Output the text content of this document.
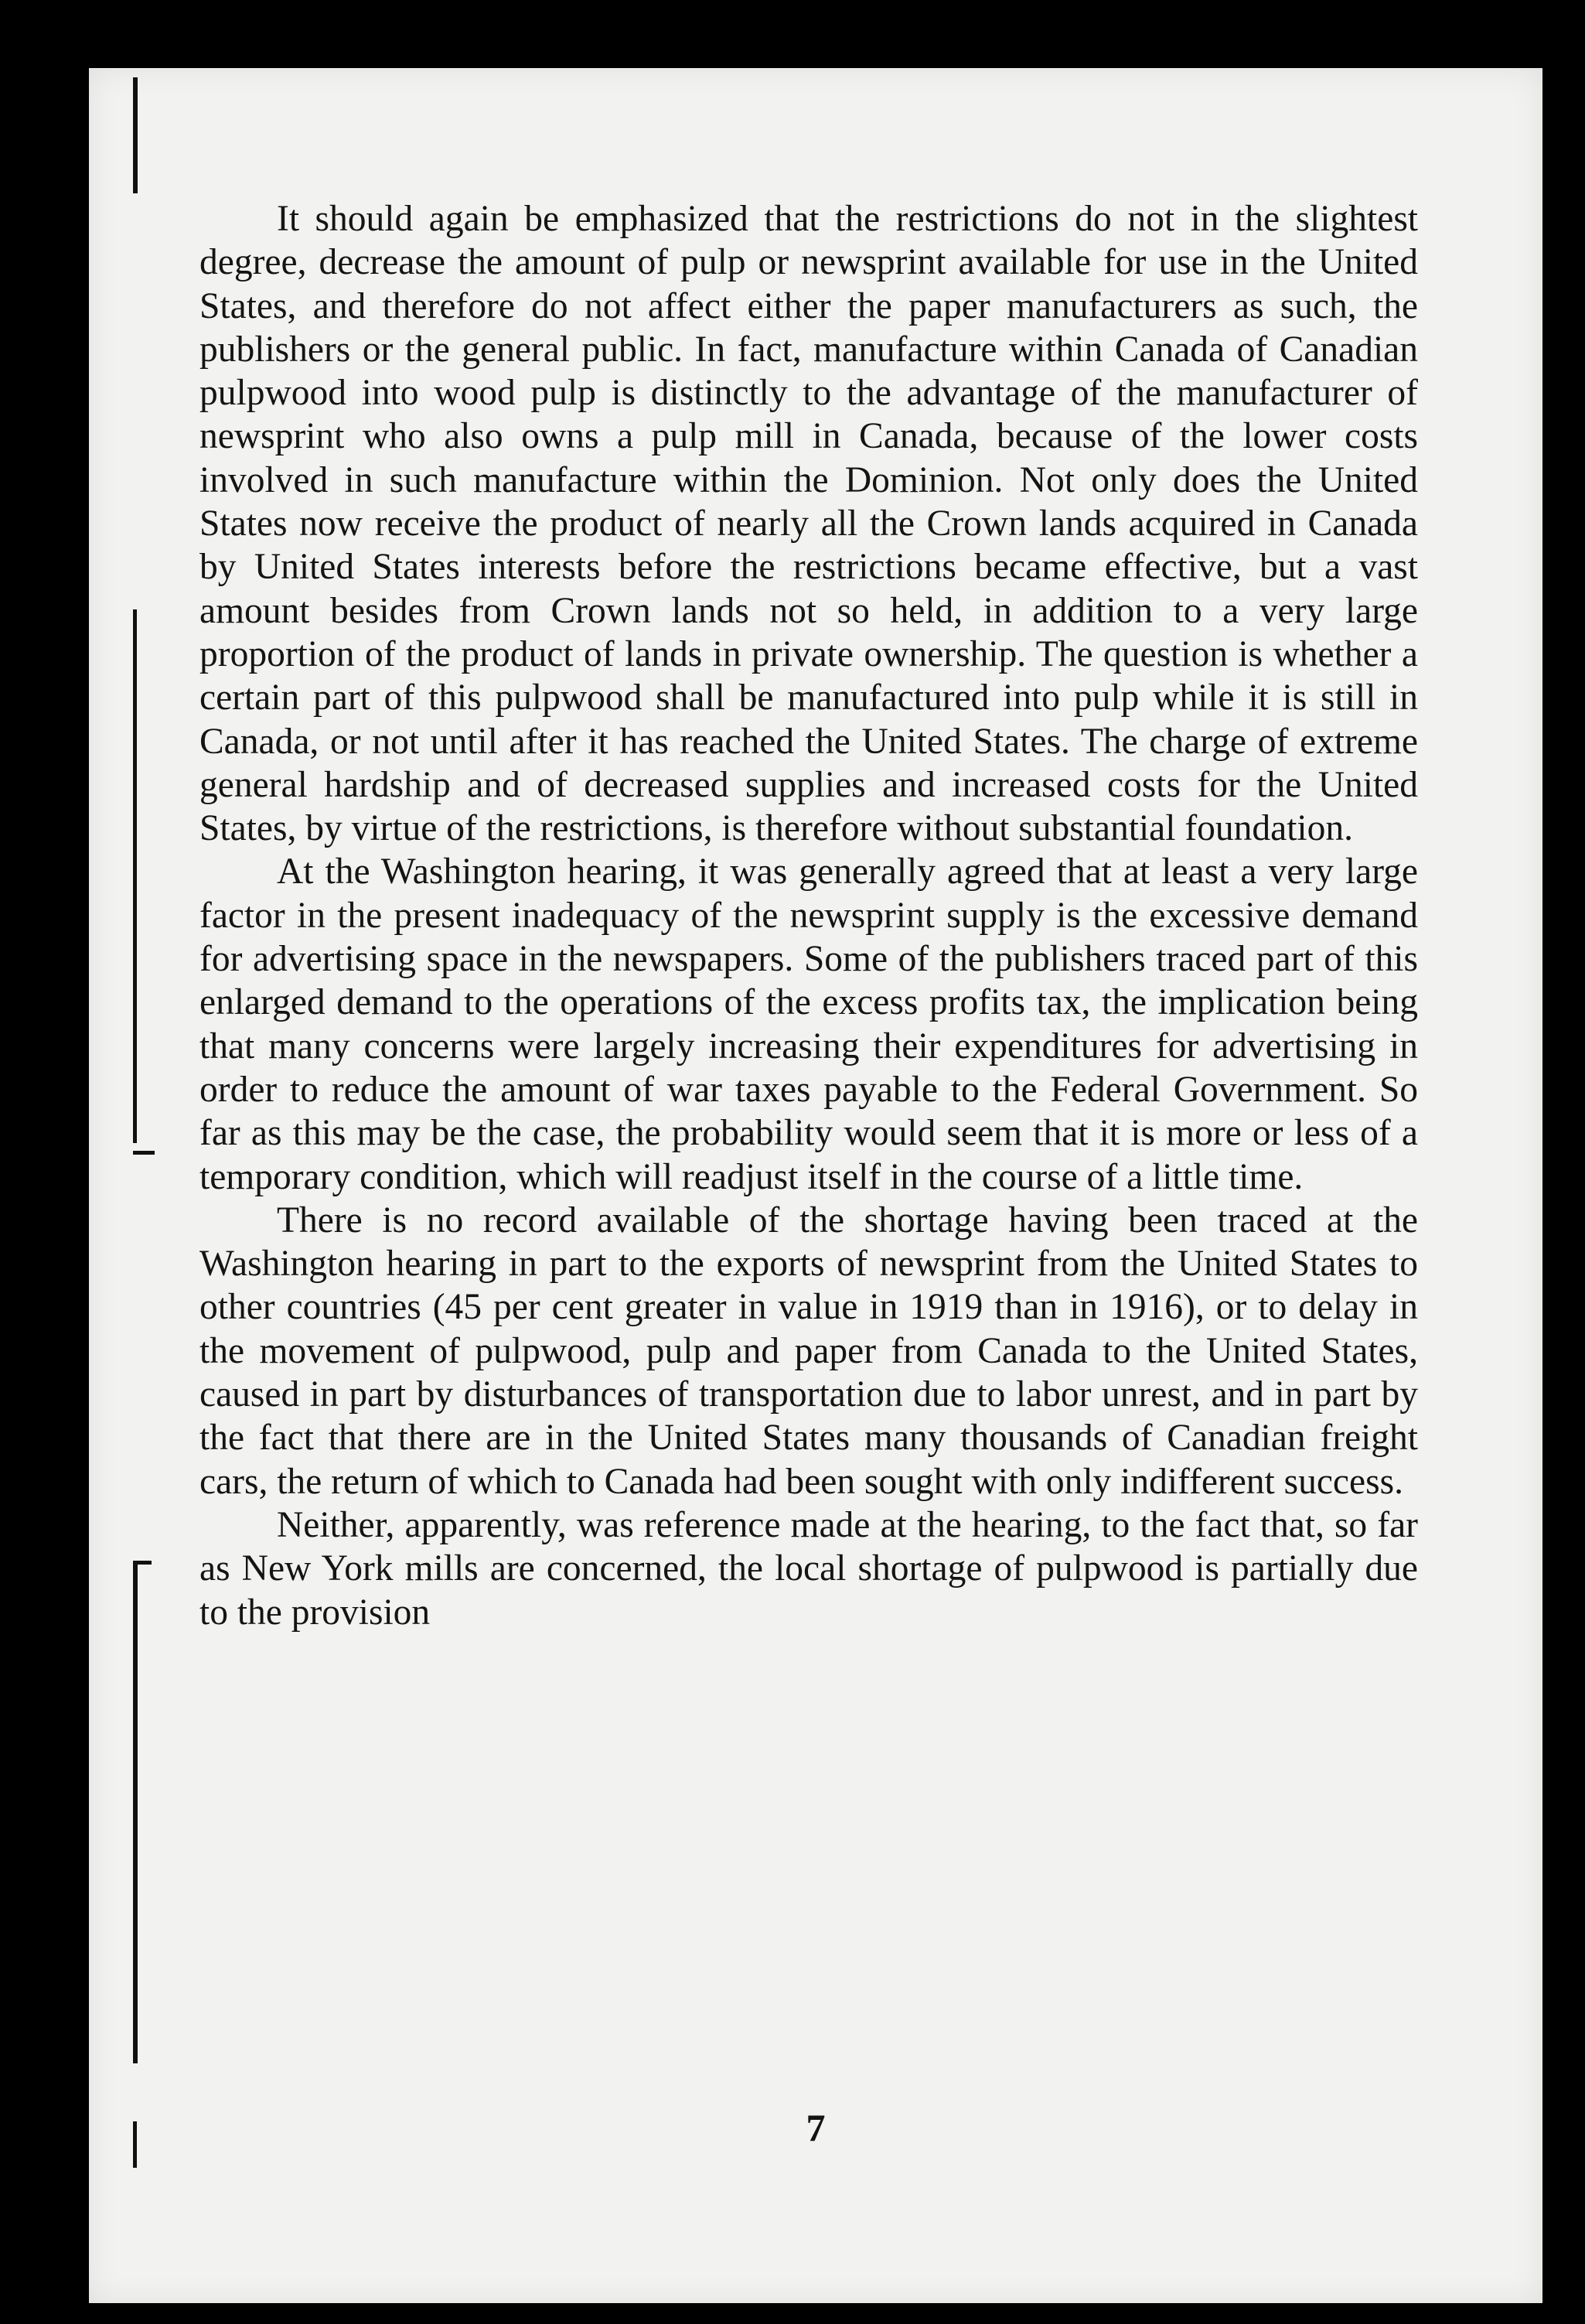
It should again be emphasized that the restrictions do not in the slightest degree, decrease the amount of pulp or newsprint available for use in the United States, and therefore do not affect either the paper manufacturers as such, the publishers or the general public. In fact, manufacture within Canada of Canadian pulpwood into wood pulp is distinctly to the advantage of the manufacturer of newsprint who also owns a pulp mill in Canada, because of the lower costs involved in such manufacture within the Dominion. Not only does the United States now receive the product of nearly all the Crown lands acquired in Canada by United States interests before the restrictions became effective, but a vast amount besides from Crown lands not so held, in addition to a very large proportion of the product of lands in private ownership. The question is whether a certain part of this pulpwood shall be manufactured into pulp while it is still in Canada, or not until after it has reached the United States. The charge of extreme general hardship and of decreased supplies and increased costs for the United States, by virtue of the restrictions, is therefore without substantial foundation.

At the Washington hearing, it was generally agreed that at least a very large factor in the present inadequacy of the newsprint supply is the excessive demand for advertising space in the newspapers. Some of the publishers traced part of this enlarged demand to the operations of the excess profits tax, the implication being that many concerns were largely increasing their expenditures for advertising in order to reduce the amount of war taxes payable to the Federal Government. So far as this may be the case, the probability would seem that it is more or less of a temporary condition, which will readjust itself in the course of a little time.

There is no record available of the shortage having been traced at the Washington hearing in part to the exports of newsprint from the United States to other countries (45 per cent greater in value in 1919 than in 1916), or to delay in the movement of pulpwood, pulp and paper from Canada to the United States, caused in part by disturbances of transportation due to labor unrest, and in part by the fact that there are in the United States many thousands of Canadian freight cars, the return of which to Canada had been sought with only indifferent success.

Neither, apparently, was reference made at the hearing, to the fact that, so far as New York mills are concerned, the local shortage of pulpwood is partially due to the provision

7
